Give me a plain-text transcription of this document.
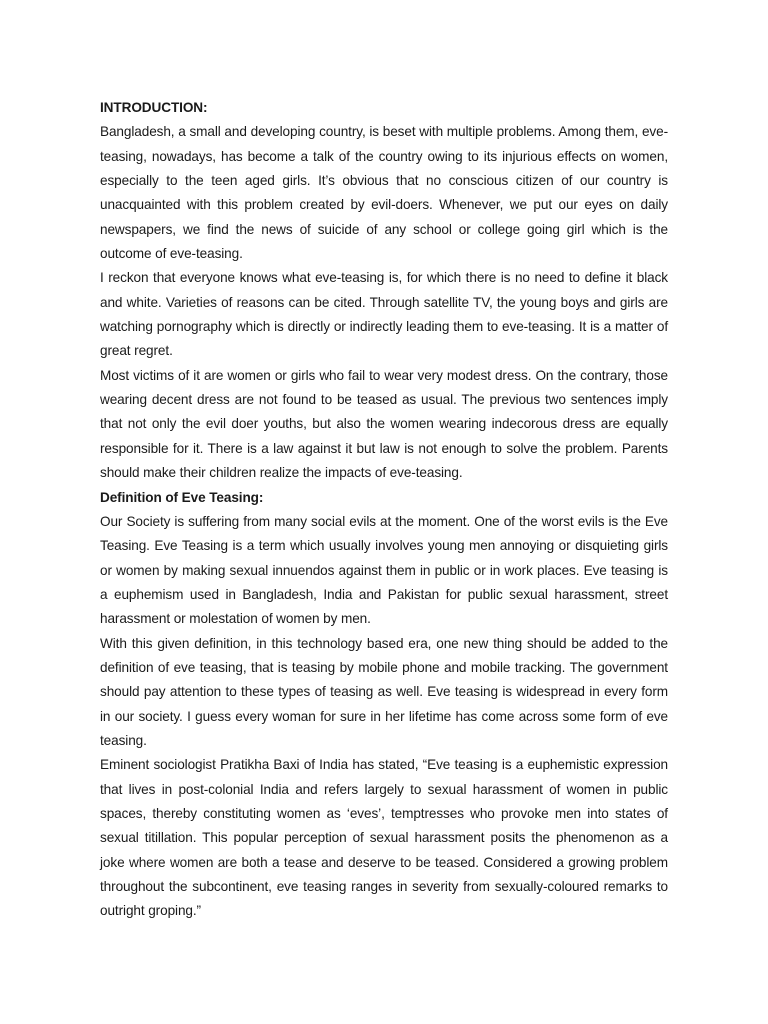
INTRODUCTION:

Bangladesh, a small and developing country, is beset with multiple problems. Among them, eve-teasing, nowadays, has become a talk of the country owing to its injurious effects on women, especially to the teen aged girls. It’s obvious that no conscious citizen of our country is unacquainted with this problem created by evil-doers. Whenever, we put our eyes on daily newspapers, we find the news of suicide of any school or college going girl which is the outcome of eve-teasing.

I reckon that everyone knows what eve-teasing is, for which there is no need to define it black and white. Varieties of reasons can be cited. Through satellite TV, the young boys and girls are watching pornography which is directly or indirectly leading them to eve-teasing. It is a matter of great regret.

Most victims of it are women or girls who fail to wear very modest dress. On the contrary, those wearing decent dress are not found to be teased as usual. The previous two sentences imply that not only the evil doer youths, but also the women wearing indecorous dress are equally responsible for it. There is a law against it but law is not enough to solve the problem. Parents should make their children realize the impacts of eve-teasing.

Definition of Eve Teasing:

Our Society is suffering from many social evils at the moment. One of the worst evils is the Eve Teasing. Eve Teasing is a term which usually involves young men annoying or disquieting girls or women by making sexual innuendos against them in public or in work places. Eve teasing is a euphemism used in Bangladesh, India and Pakistan for public sexual harassment, street harassment or molestation of women by men.

With this given definition, in this technology based era, one new thing should be added to the definition of eve teasing, that is teasing by mobile phone and mobile tracking. The government should pay attention to these types of teasing as well. Eve teasing is widespread in every form in our society. I guess every woman for sure in her lifetime has come across some form of eve teasing.

Eminent sociologist Pratikha Baxi of India has stated, “Eve teasing is a euphemistic expression that lives in post-colonial India and refers largely to sexual harassment of women in public spaces, thereby constituting women as ‘eves’, temptresses who provoke men into states of sexual titillation. This popular perception of sexual harassment posits the phenomenon as a joke where women are both a tease and deserve to be teased. Considered a growing problem throughout the subcontinent, eve teasing ranges in severity from sexually-coloured remarks to outright groping.”
